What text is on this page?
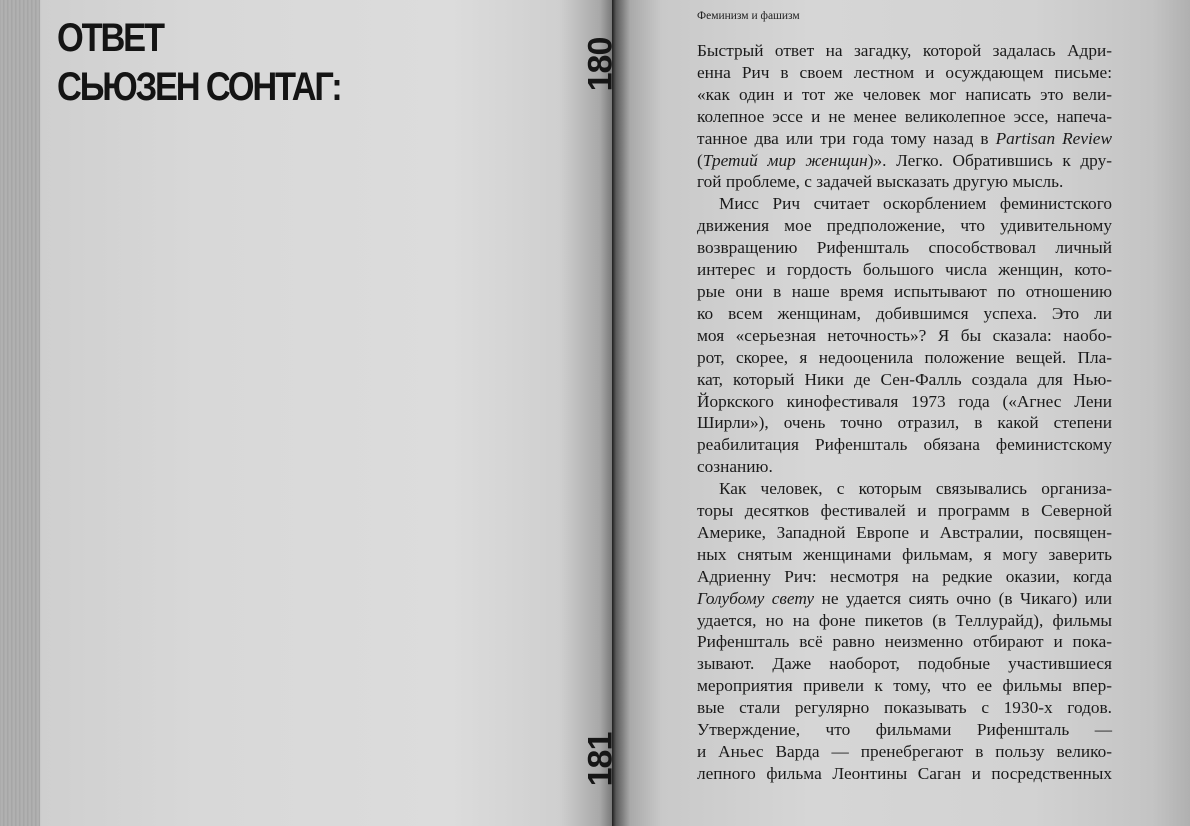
ОТВЕТ
СЬЮЗЕН СОНТАГ:	180
181
Феминизм и фашизм
Быстрый ответ на загадку, которой задалась Адри-
енна Рич в своем лестном и осуждающем письме:
«как один и тот же человек мог написать это вели-
колепное эссе и не менее великолепное эссе, напеча-
танное два или три года тому назад в Partisan Review
(Третий мир женщин)». Легко. Обратившись к дру-
гой проблеме, с задачей высказать другую мысль.
Мисс Рич считает оскорблением феминистского
движения мое предположение, что удивительному
возвращению Рифеншталь способствовал личный
интерес и гордость большого числа женщин, кото-
рые они в наше время испытывают по отношению
ко всем женщинам, добившимся успеха. Это ли
моя «серьезная неточность»? Я бы сказала: наобо-
рот, скорее, я недооценила положение вещей. Пла-
кат, который Ники де Сен-Фалль создала для Нью-
Йоркского кинофестиваля 1973 года («Агнес Лени
Ширли»), очень точно отразил, в какой степени
реабилитация Рифеншталь обязана феминистскому
сознанию.
Как человек, с которым связывались организа-
торы десятков фестивалей и программ в Северной
Америке, Западной Европе и Австралии, посвящен-
ных снятым женщинами фильмам, я могу заверить
Адриенну Рич: несмотря на редкие оказии, когда
Голубому свету не удается сиять очно (в Чикаго) или
удается, но на фоне пикетов (в Теллурайд), фильмы
Рифеншталь всё равно неизменно отбирают и пока-
зывают. Даже наоборот, подобные участившиеся
мероприятия привели к тому, что ее фильмы впер-
вые стали регулярно показывать с 1930-х годов.
Утверждение, что фильмами Рифеншталь —
и Аньес Варда — пренебрегают в пользу велико-
лепного фильма Леонтины Саган и посредственных
